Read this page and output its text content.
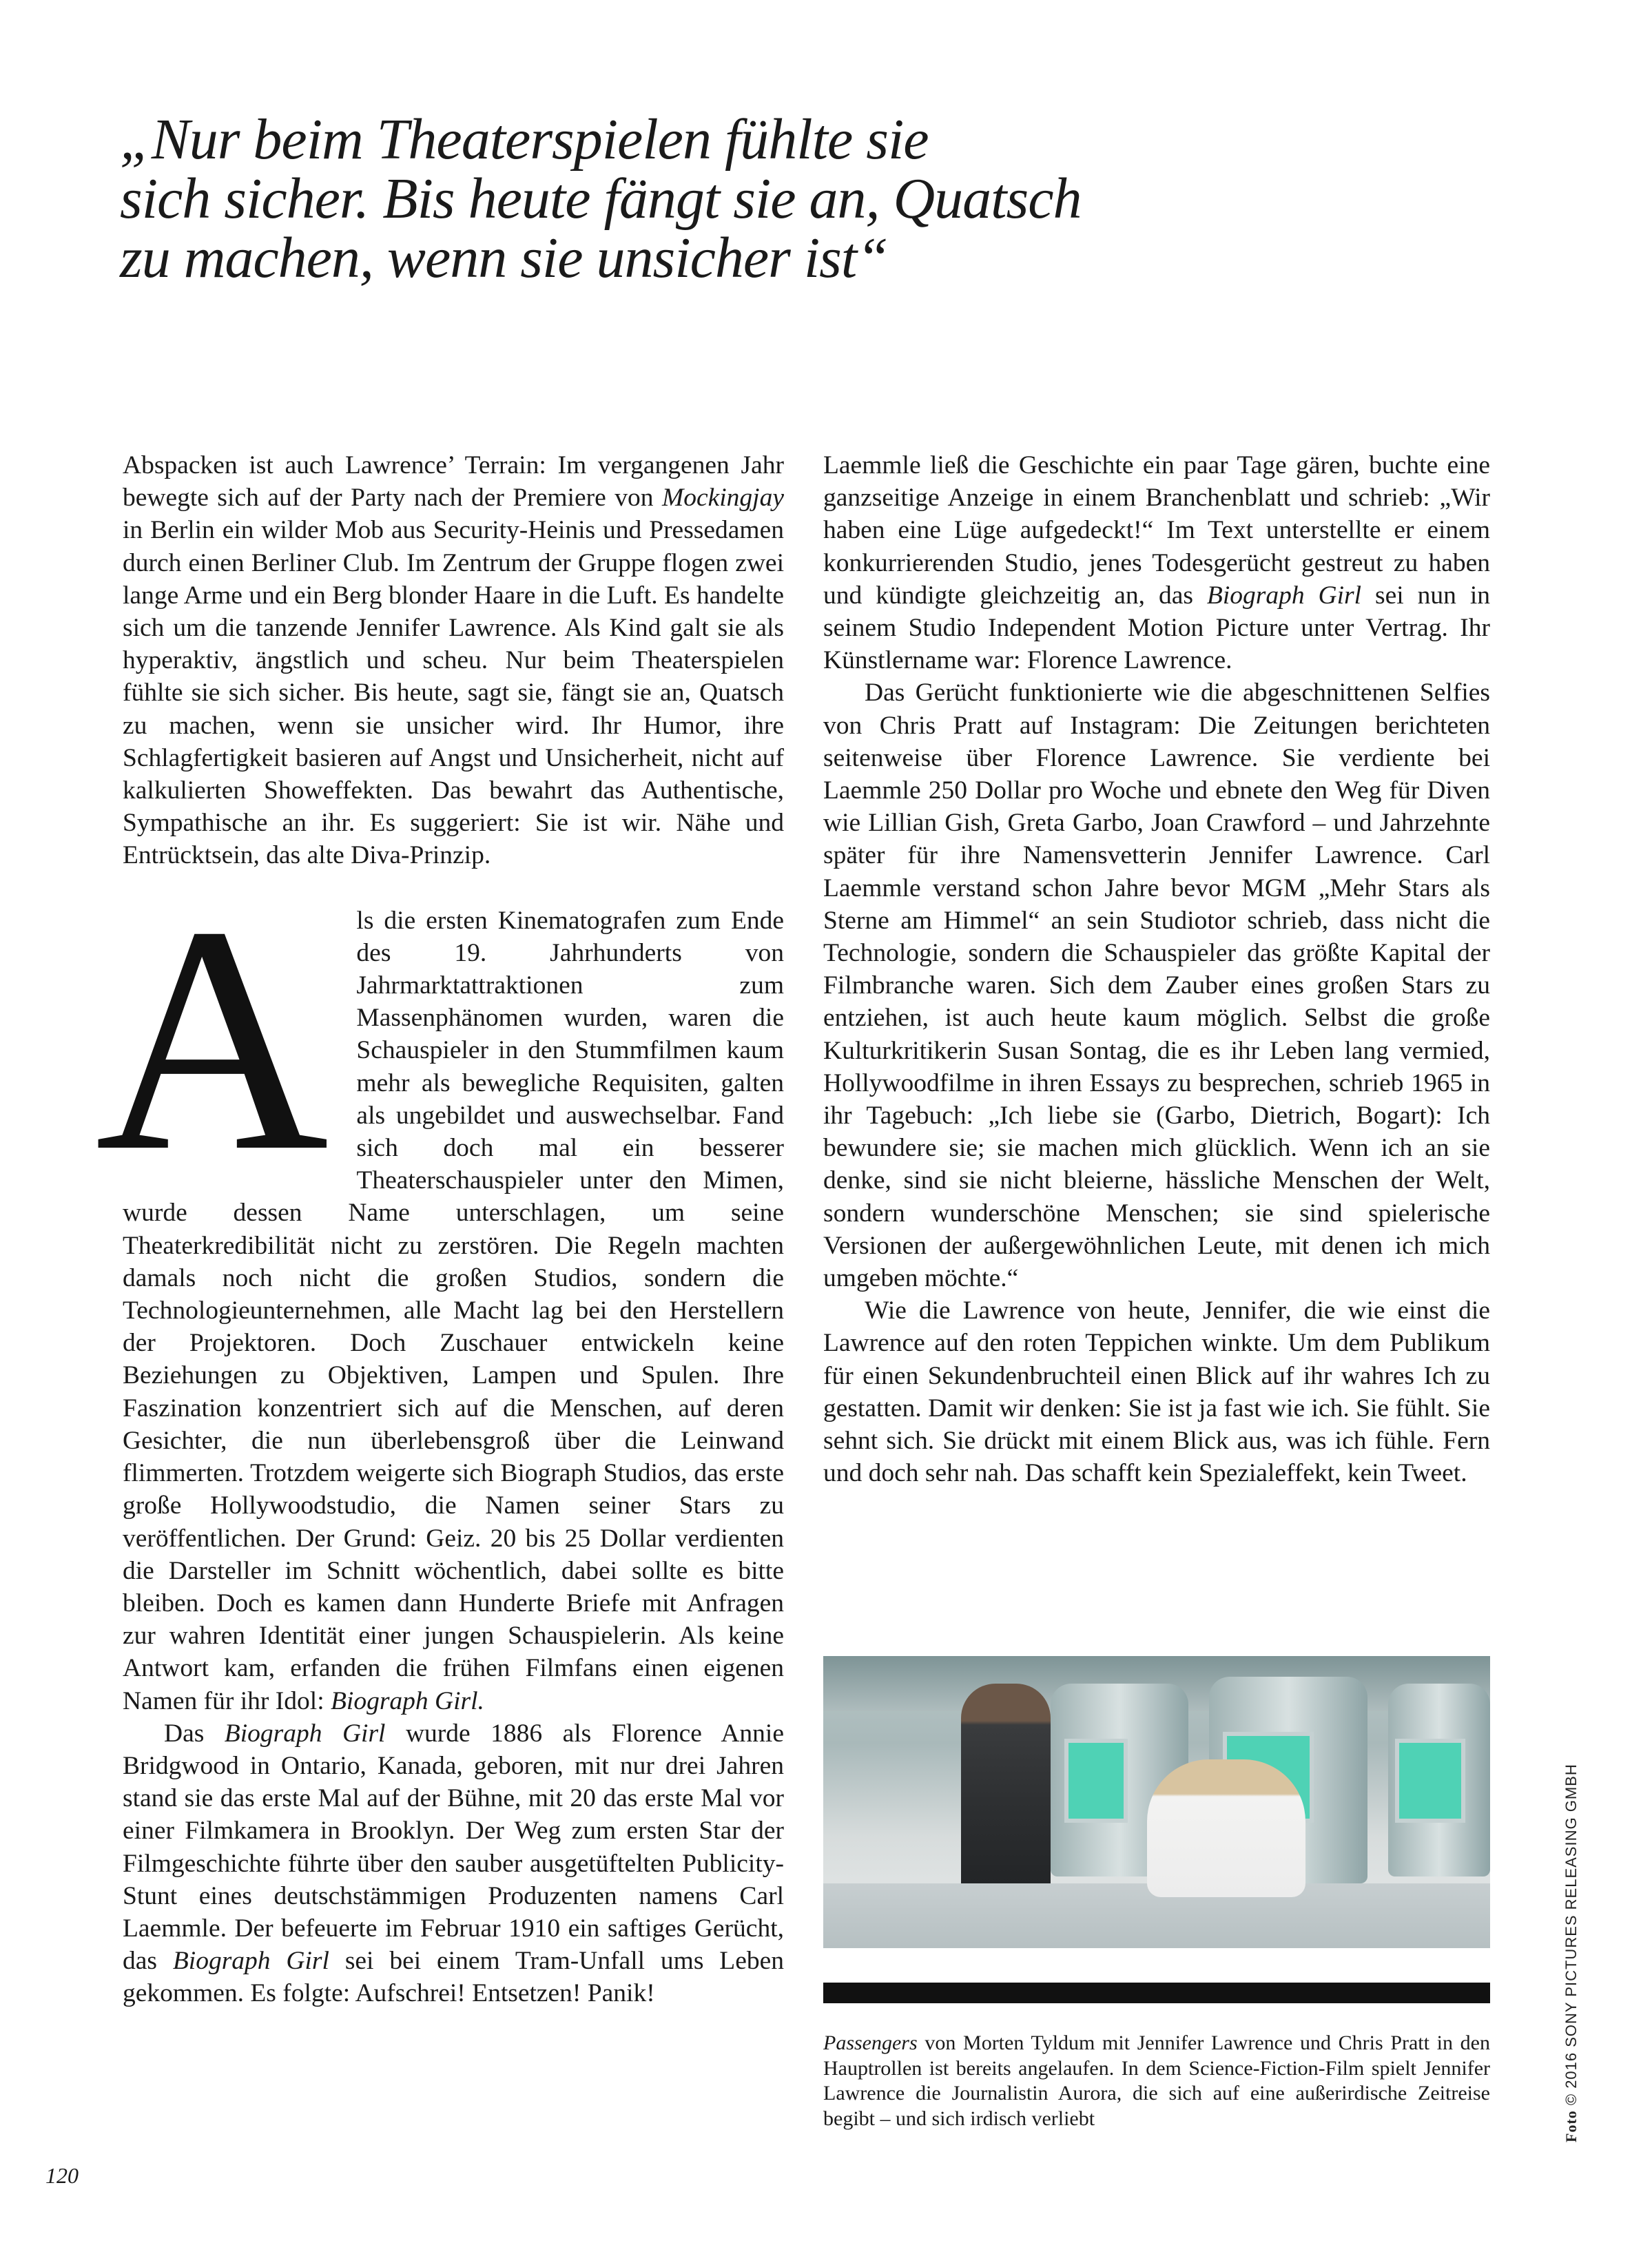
„Nur beim Theaterspielen fühlte sie
sich sicher. Bis heute fängt sie an, Quatsch
zu machen, wenn sie unsicher ist“

Abspacken ist auch Lawrence’ Terrain: Im vergangenen Jahr bewegte sich auf der Party nach der Premiere von Mockingjay in Berlin ein wilder Mob aus Security-Heinis und Pressedamen durch einen Berliner Club. Im Zentrum der Gruppe flogen zwei lange Arme und ein Berg blonder Haare in die Luft. Es handelte sich um die tanzende Jennifer Lawrence. Als Kind galt sie als hyperaktiv, ängstlich und scheu. Nur beim Theaterspielen fühlte sie sich sicher. Bis heute, sagt sie, fängt sie an, Quatsch zu machen, wenn sie unsicher wird. Ihr Humor, ihre Schlagfertigkeit basieren auf Angst und Unsicherheit, nicht auf kalkulierten Showeffekten. Das bewahrt das Authentische, Sympathische an ihr. Es suggeriert: Sie ist wir. Nähe und Entrücktsein, das alte Diva-Prinzip.

A ls die ersten Kinematografen zum Ende des 19. Jahrhunderts von Jahrmarktattraktionen zum Massenphänomen wurden, waren die Schauspieler in den Stummfilmen kaum mehr als bewegliche Requisiten, galten als ungebildet und auswechselbar. Fand sich doch mal ein besserer Theaterschauspieler unter den Mimen, wurde dessen Name unterschlagen, um seine Theaterkredibilität nicht zu zerstören. Die Regeln machten damals noch nicht die großen Studios, sondern die Technologieunternehmen, alle Macht lag bei den Herstellern der Projektoren. Doch Zuschauer entwickeln keine Beziehungen zu Objektiven, Lampen und Spulen. Ihre Faszination konzentriert sich auf die Menschen, auf deren Gesichter, die nun überlebensgroß über die Leinwand flimmerten. Trotzdem weigerte sich Biograph Studios, das erste große Hollywoodstudio, die Namen seiner Stars zu veröffentlichen. Der Grund: Geiz. 20 bis 25 Dollar verdienten die Darsteller im Schnitt wöchentlich, dabei sollte es bitte bleiben. Doch es kamen dann Hunderte Briefe mit Anfragen zur wahren Identität einer jungen Schauspielerin. Als keine Antwort kam, erfanden die frühen Filmfans einen eigenen Namen für ihr Idol: Biograph Girl.

Das Biograph Girl wurde 1886 als Florence Annie Bridgwood in Ontario, Kanada, geboren, mit nur drei Jahren stand sie das erste Mal auf der Bühne, mit 20 das erste Mal vor einer Filmkamera in Brooklyn. Der Weg zum ersten Star der Filmgeschichte führte über den sauber ausgetüftelten Publicity-Stunt eines deutschstämmigen Produzenten namens Carl Laemmle. Der befeuerte im Februar 1910 ein saftiges Gerücht, das Biograph Girl sei bei einem Tram-Unfall ums Leben gekommen. Es folgte: Aufschrei! Entsetzen! Panik!

Laemmle ließ die Geschichte ein paar Tage gären, buchte eine ganzseitige Anzeige in einem Branchenblatt und schrieb: „Wir haben eine Lüge aufgedeckt!“ Im Text unterstellte er einem konkurrierenden Studio, jenes Todesgerücht gestreut zu haben und kündigte gleichzeitig an, das Biograph Girl sei nun in seinem Studio Independent Motion Picture unter Vertrag. Ihr Künstlername war: Florence Lawrence.

Das Gerücht funktionierte wie die abgeschnittenen Selfies von Chris Pratt auf Instagram: Die Zeitungen berichteten seitenweise über Florence Lawrence. Sie verdiente bei Laemmle 250 Dollar pro Woche und ebnete den Weg für Diven wie Lillian Gish, Greta Garbo, Joan Crawford – und Jahrzehnte später für ihre Namensvetterin Jennifer Lawrence. Carl Laemmle verstand schon Jahre bevor MGM „Mehr Stars als Sterne am Himmel“ an sein Studiotor schrieb, dass nicht die Technologie, sondern die Schauspieler das größte Kapital der Filmbranche waren. Sich dem Zauber eines großen Stars zu entziehen, ist auch heute kaum möglich. Selbst die große Kulturkritikerin Susan Sontag, die es ihr Leben lang vermied, Hollywoodfilme in ihren Essays zu besprechen, schrieb 1965 in ihr Tagebuch: „Ich liebe sie (Garbo, Dietrich, Bogart): Ich bewundere sie; sie machen mich glücklich. Wenn ich an sie denke, sind sie nicht bleierne, hässliche Menschen der Welt, sondern wunderschöne Menschen; sie sind spielerische Versionen der außergewöhnlichen Leute, mit denen ich mich umgeben möchte.“

Wie die Lawrence von heute, Jennifer, die wie einst die Lawrence auf den roten Teppichen winkte. Um dem Publikum für einen Sekundenbruchteil einen Blick auf ihr wahres Ich zu gestatten. Damit wir denken: Sie ist ja fast wie ich. Sie fühlt. Sie sehnt sich. Sie drückt mit einem Blick aus, was ich fühle. Fern und doch sehr nah. Das schafft kein Spezialeffekt, kein Tweet.

Passengers von Morten Tyldum mit Jennifer Lawrence und Chris Pratt in den Hauptrollen ist bereits angelaufen. In dem Science-Fiction-Film spielt Jennifer Lawrence die Journalistin Aurora, die sich auf eine außerirdische Zeitreise begibt – und sich irdisch verliebt	Foto © 2016 SONY PICTURES RELEASING GMBH
120
